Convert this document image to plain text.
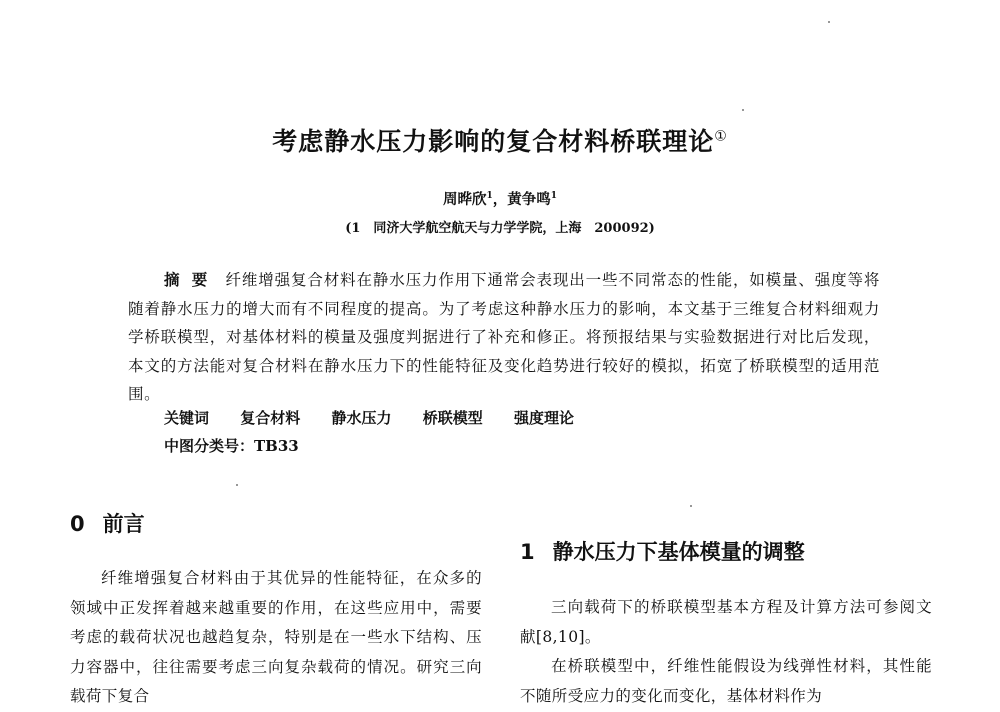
考虑静水压力影响的复合材料桥联理论①
周晔欣$^1$，黄争鸣$^1$
(1　同济大学航空航天与力学学院，上海　200092)
摘要 纤维增强复合材料在静水压力作用下通常会表现出一些不同常态的性能，如模量、强度等将随着静水压力的增大而有不同程度的提高。为了考虑这种静水压力的影响，本文基于三维复合材料细观力学桥联模型，对基体材料的模量及强度判据进行了补充和修正。将预报结果与实验数据进行对比后发现，本文的方法能对复合材料在静水压力下的性能特征及变化趋势进行较好的模拟，拓宽了桥联模型的适用范围。
关键词 复合材料 静水压力 桥联模型 强度理论
中图分类号：TB33
0 前言

纤维增强复合材料由于其优异的性能特征，在众多的领域中正发挥着越来越重要的作用，在这些应用中，需要考虑的载荷状况也越趋复杂，特别是在一些水下结构、压力容器中，往往需要考虑三向复杂载荷的情况。研究三向载荷下复合

1 静水压力下基体模量的调整

三向载荷下的桥联模型基本方程及计算方法可参阅文献[8,10]。

在桥联模型中，纤维性能假设为线弹性材料，其性能不随所受应力的变化而变化，基体材料作为
